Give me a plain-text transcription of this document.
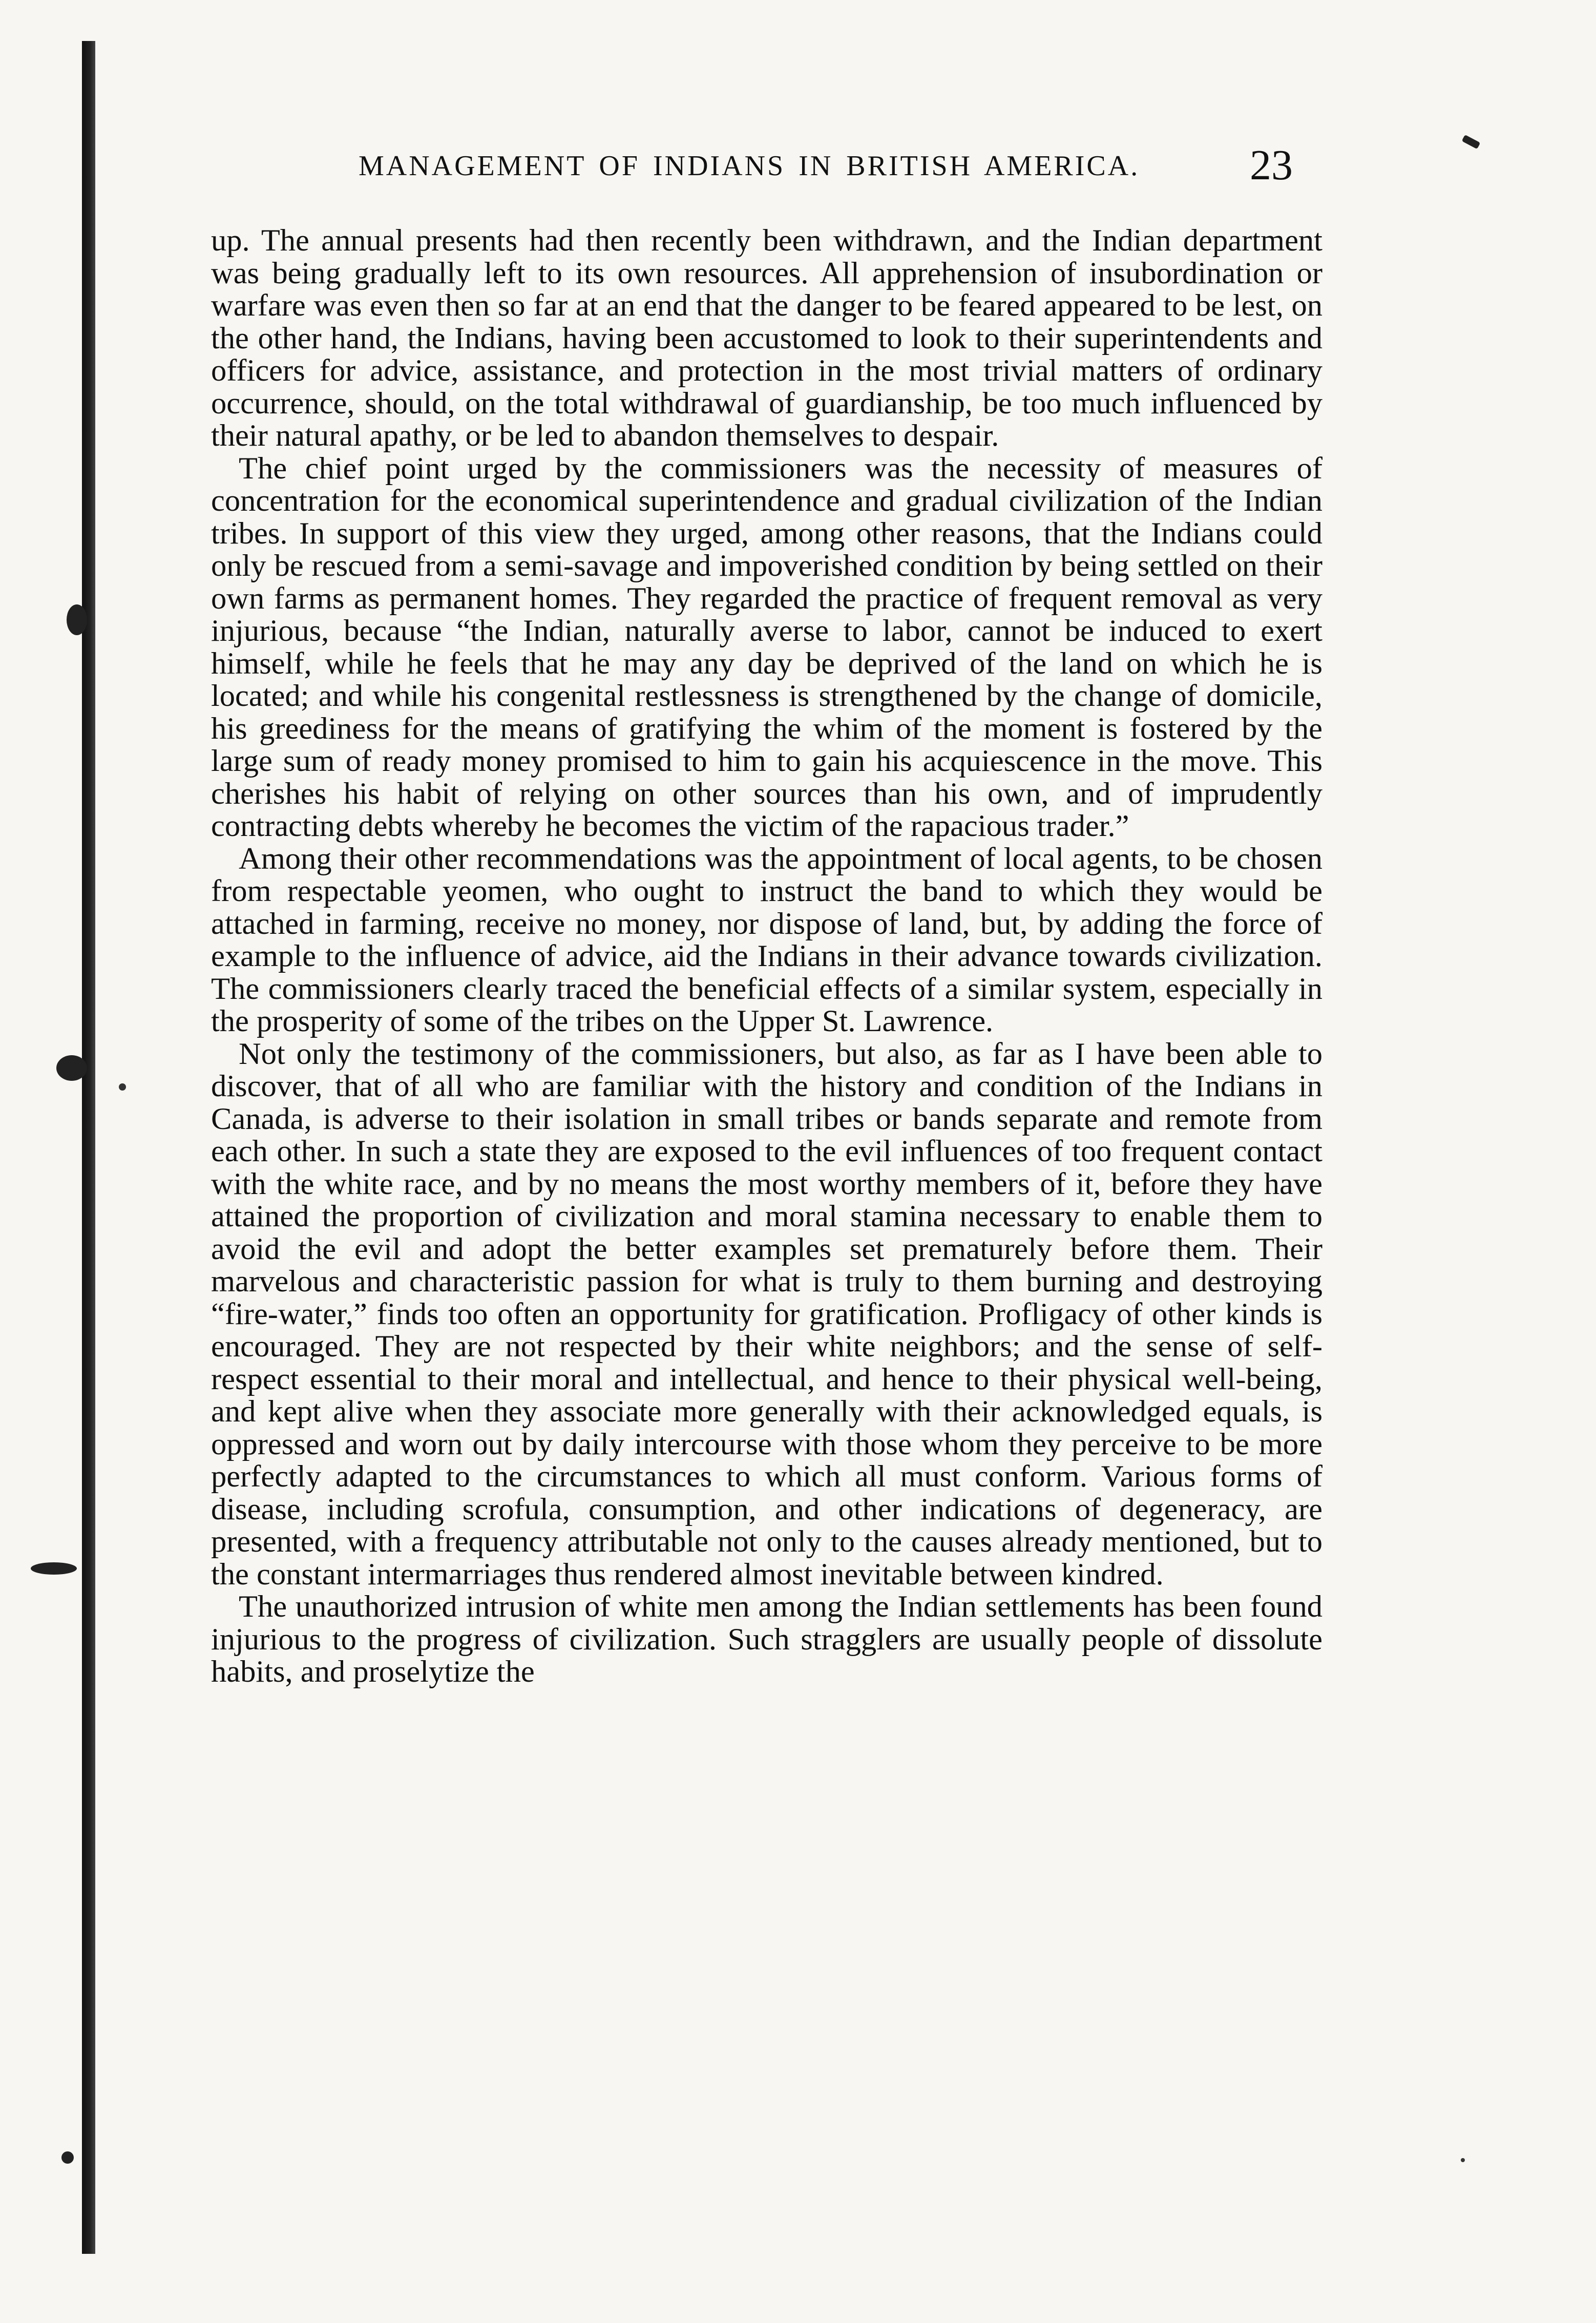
MANAGEMENT OF INDIANS IN BRITISH AMERICA.	23

up. The annual presents had then recently been withdrawn, and the Indian department was being gradually left to its own resources. All apprehension of insubordination or warfare was even then so far at an end that the danger to be feared appeared to be lest, on the other hand, the Indians, having been accustomed to look to their superintendents and officers for advice, assistance, and protection in the most trivial matters of ordinary occurrence, should, on the total withdrawal of guardianship, be too much influenced by their natural apathy, or be led to abandon themselves to despair.

The chief point urged by the commissioners was the necessity of measures of concentration for the economical superintendence and gradual civilization of the Indian tribes. In support of this view they urged, among other reasons, that the Indians could only be rescued from a semi-savage and impoverished condition by being settled on their own farms as permanent homes. They regarded the practice of frequent removal as very injurious, because “the Indian, naturally averse to labor, cannot be induced to exert himself, while he feels that he may any day be deprived of the land on which he is located; and while his congenital restlessness is strengthened by the change of domicile, his greediness for the means of gratifying the whim of the moment is fostered by the large sum of ready money promised to him to gain his acquiescence in the move. This cherishes his habit of relying on other sources than his own, and of imprudently contracting debts whereby he becomes the victim of the rapacious trader.”

Among their other recommendations was the appointment of local agents, to be chosen from respectable yeomen, who ought to instruct the band to which they would be attached in farming, receive no money, nor dispose of land, but, by adding the force of example to the influence of advice, aid the Indians in their advance towards civilization. The commissioners clearly traced the beneficial effects of a similar system, especially in the prosperity of some of the tribes on the Upper St. Lawrence.

Not only the testimony of the commissioners, but also, as far as I have been able to discover, that of all who are familiar with the history and condition of the Indians in Canada, is adverse to their isolation in small tribes or bands separate and remote from each other. In such a state they are exposed to the evil influences of too frequent contact with the white race, and by no means the most worthy members of it, before they have attained the proportion of civilization and moral stamina necessary to enable them to avoid the evil and adopt the better examples set prematurely before them. Their marvelous and characteristic passion for what is truly to them burning and destroying “fire-water,” finds too often an opportunity for gratification. Profligacy of other kinds is encouraged. They are not respected by their white neighbors; and the sense of self-respect essential to their moral and intellectual, and hence to their physical well-being, and kept alive when they associate more generally with their acknowledged equals, is oppressed and worn out by daily intercourse with those whom they perceive to be more perfectly adapted to the circumstances to which all must conform. Various forms of disease, including scrofula, consumption, and other indications of degeneracy, are presented, with a frequency attributable not only to the causes already mentioned, but to the constant intermarriages thus rendered almost inevitable between kindred.

The unauthorized intrusion of white men among the Indian settlements has been found injurious to the progress of civilization. Such stragglers are usually people of dissolute habits, and proselytize the
